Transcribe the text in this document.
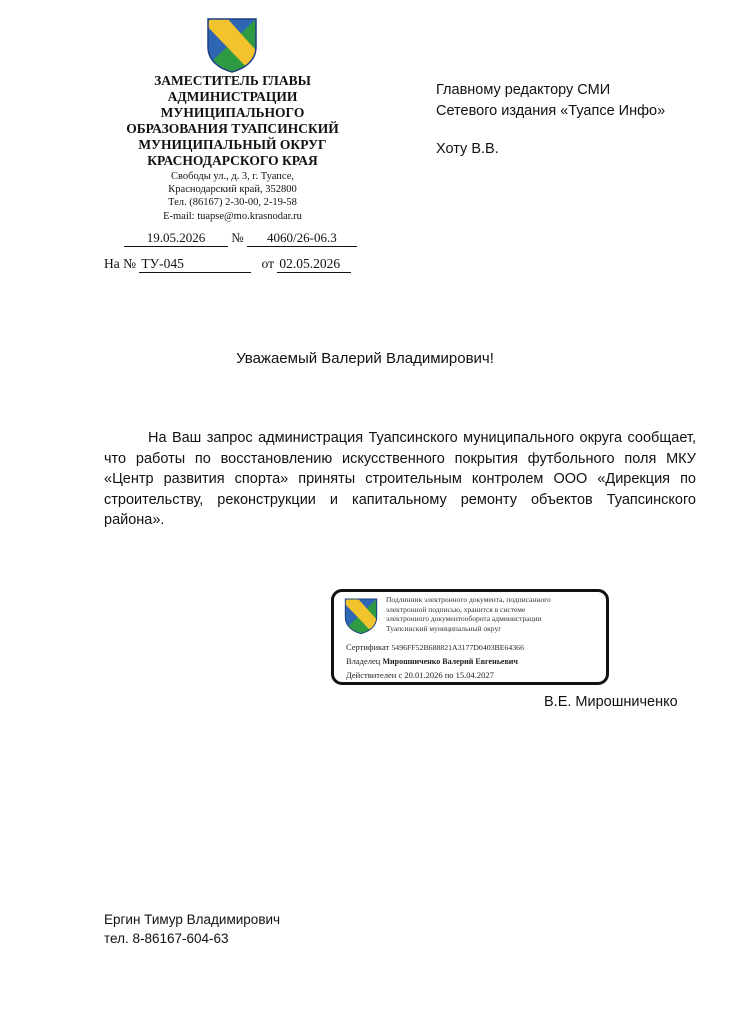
ЗАМЕСТИТЕЛЬ ГЛАВЫ
АДМИНИСТРАЦИИ
МУНИЦИПАЛЬНОГО
ОБРАЗОВАНИЯ ТУАПСИНСКИЙ
МУНИЦИПАЛЬНЫЙ ОКРУГ
КРАСНОДАРСКОГО КРАЯ
Свободы ул., д. 3, г. Туапсе,
Краснодарский край, 352800
Тел. (86167) 2-30-00, 2-19-58
E-mail: tuapse@mo.krasnodar.ru
19.05.2026 № 4060/26-06.3
На № ТУ-045	от 02.05.2026
Главному редактору СМИ
Сетевого издания «Туапсе Инфо»
Хоту В.В.
Уважаемый Валерий Владимирович!
На Ваш запрос администрация Туапсинского муниципального округа сообщает, что работы по восстановлению искусственного покрытия футбольного поля МКУ «Центр развития спорта» приняты строительным контролем ООО «Дирекция по строительству, реконструкции и капитальному ремонту объектов Туапсинского района».
Подлинник электронного документа, подписанного
электронной подписью, хранится в системе
электронного документооборота администрации
Туапсинский муниципальный округ
Сертификат 5496FF52B688821A3177D0403BE64366
Владелец Мирошниченко Валерий Евгеньевич
Действителен с 20.01.2026 по 15.04.2027
В.Е. Мирошниченко
Ергин Тимур Владимирович
тел. 8-86167-604-63
